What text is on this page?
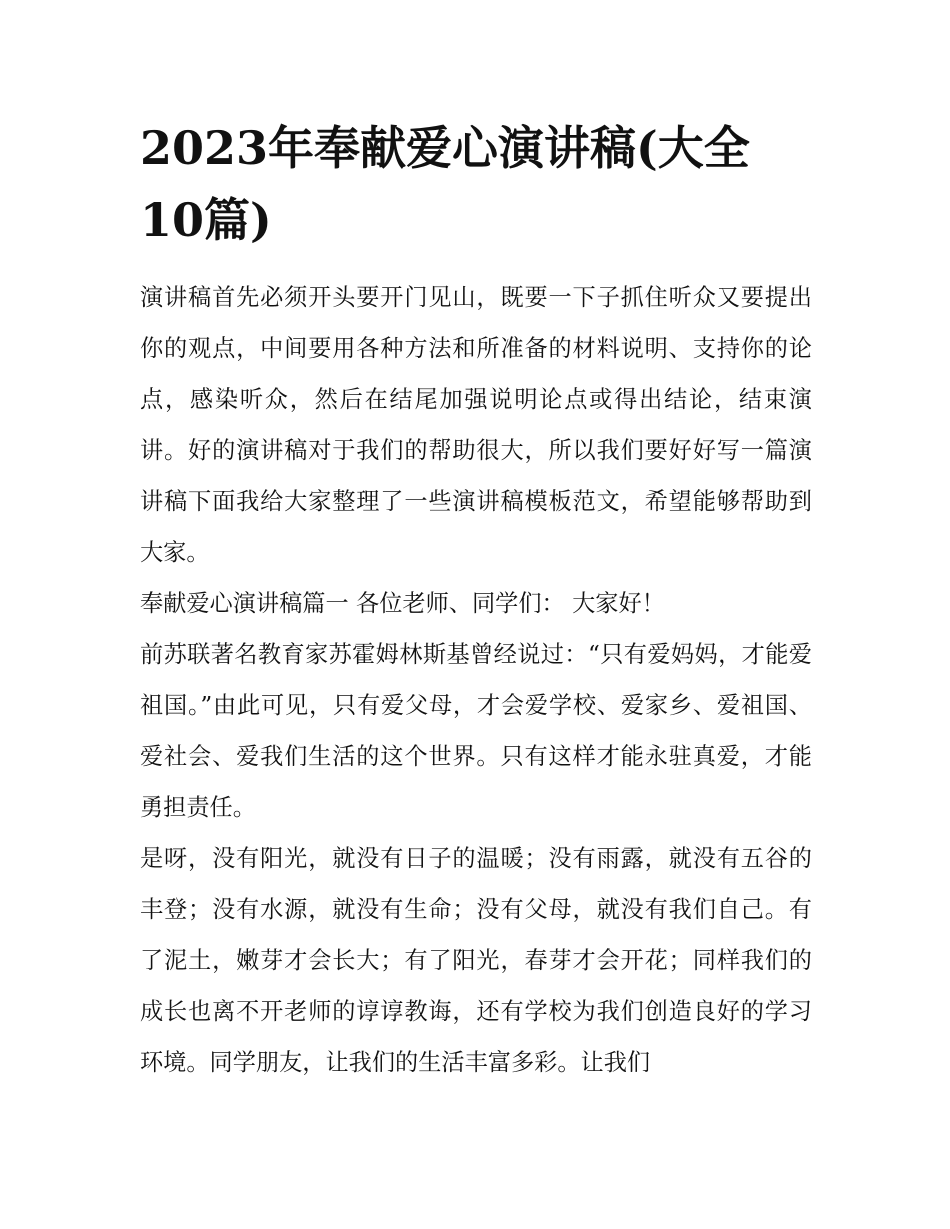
2023年奉献爱心演讲稿(大全10篇)

演讲稿首先必须开头要开门见山，既要一下子抓住听众又要提出你的观点，中间要用各种方法和所准备的材料说明、支持你的论点，感染听众，然后在结尾加强说明论点或得出结论，结束演讲。好的演讲稿对于我们的帮助很大，所以我们要好好写一篇演讲稿下面我给大家整理了一些演讲稿模板范文，希望能够帮助到大家。

奉献爱心演讲稿篇一 各位老师、同学们： 大家好！

前苏联著名教育家苏霍姆林斯基曾经说过：“只有爱妈妈，才能爱祖国。”由此可见，只有爱父母，才会爱学校、爱家乡、爱祖国、爱社会、爱我们生活的这个世界。只有这样才能永驻真爱，才能勇担责任。

是呀，没有阳光，就没有日子的温暖；没有雨露，就没有五谷的丰登；没有水源，就没有生命；没有父母，就没有我们自己。有了泥土，嫩芽才会长大；有了阳光，春芽才会开花；同样我们的成长也离不开老师的谆谆教诲，还有学校为我们创造良好的学习环境。同学朋友，让我们的生活丰富多彩。让我们
